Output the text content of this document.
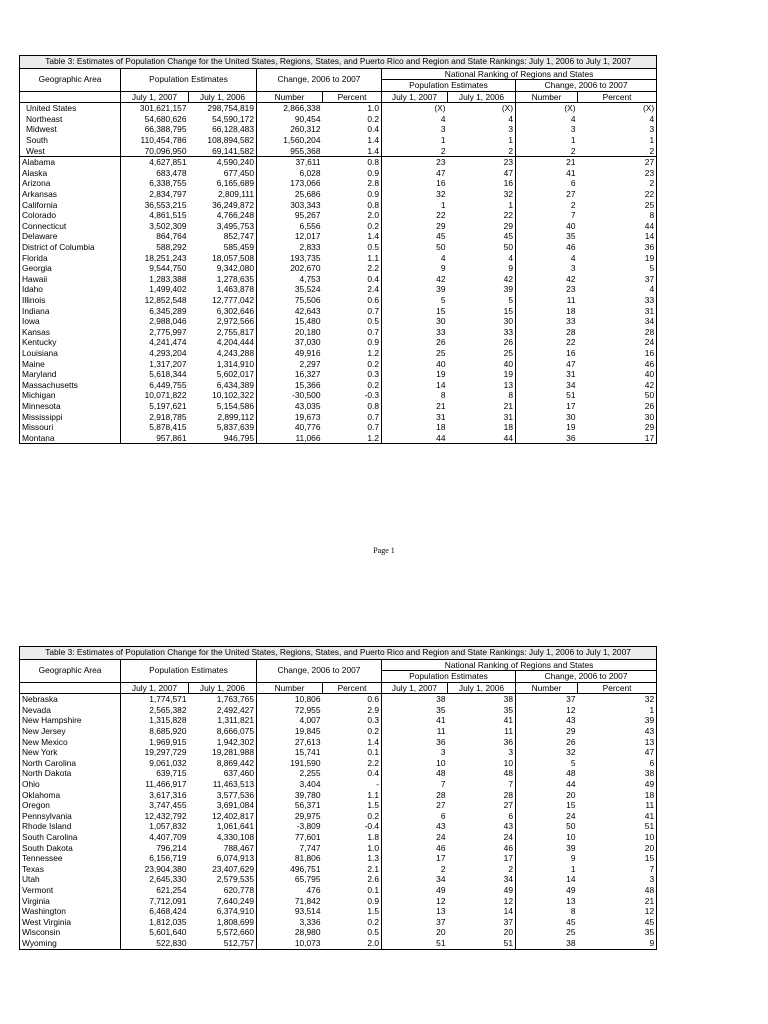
Table 3: Estimates of Population Change for the United States, Regions, States, and Puerto Rico and Region and State Rankings: July 1, 2006 to July 1, 2007								
Geographic Area	Population Estimates		Change, 2006 to 2007		National Ranking of Regions and States			
					Population Estimates		Change, 2006 to 2007	
	July 1, 2007	July 1, 2006	Number	Percent	July 1, 2007	July 1, 2006	Number	Percent
United States	301,621,157	298,754,819	2,866,338	1.0	(X)	(X)	(X)	(X)
Northeast	54,680,626	54,590,172	90,454	0.2	4	4	4	4
Midwest	66,388,795	66,128,483	260,312	0.4	3	3	3	3
South	110,454,786	108,894,582	1,560,204	1.4	1	1	1	1
West	70,096,950	69,141,582	955,368	1.4	2	2	2	2
Alabama	4,627,851	4,590,240	37,611	0.8	23	23	21	27
Alaska	683,478	677,450	6,028	0.9	47	47	41	23
Arizona	6,338,755	6,165,689	173,066	2.8	16	16	6	2
Arkansas	2,834,797	2,809,111	25,686	0.9	32	32	27	22
California	36,553,215	36,249,872	303,343	0.8	1	1	2	25
Colorado	4,861,515	4,766,248	95,267	2.0	22	22	7	8
Connecticut	3,502,309	3,495,753	6,556	0.2	29	29	40	44
Delaware	864,764	852,747	12,017	1.4	45	45	35	14
District of Columbia	588,292	585,459	2,833	0.5	50	50	46	36
Florida	18,251,243	18,057,508	193,735	1.1	4	4	4	19
Georgia	9,544,750	9,342,080	202,670	2.2	9	9	3	5
Hawaii	1,283,388	1,278,635	4,753	0.4	42	42	42	37
Idaho	1,499,402	1,463,878	35,524	2.4	39	39	23	4
Illinois	12,852,548	12,777,042	75,506	0.6	5	5	11	33
Indiana	6,345,289	6,302,646	42,643	0.7	15	15	18	31
Iowa	2,988,046	2,972,566	15,480	0.5	30	30	33	34
Kansas	2,775,997	2,755,817	20,180	0.7	33	33	28	28
Kentucky	4,241,474	4,204,444	37,030	0.9	26	26	22	24
Louisiana	4,293,204	4,243,288	49,916	1.2	25	25	16	16
Maine	1,317,207	1,314,910	2,297	0.2	40	40	47	46
Maryland	5,618,344	5,602,017	16,327	0.3	19	19	31	40
Massachusetts	6,449,755	6,434,389	15,366	0.2	14	13	34	42
Michigan	10,071,822	10,102,322	-30,500	-0.3	8	8	51	50
Minnesota	5,197,621	5,154,586	43,035	0.8	21	21	17	26
Mississippi	2,918,785	2,899,112	19,673	0.7	31	31	30	30
Missouri	5,878,415	5,837,639	40,776	0.7	18	18	19	29
Montana	957,861	946,795	11,066	1.2	44	44	36	17
Page 1
Table 3: Estimates of Population Change for the United States, Regions, States, and Puerto Rico and Region and State Rankings: July 1, 2006 to July 1, 2007								
Geographic Area	Population Estimates		Change, 2006 to 2007		National Ranking of Regions and States			
					Population Estimates		Change, 2006 to 2007	
	July 1, 2007	July 1, 2006	Number	Percent	July 1, 2007	July 1, 2006	Number	Percent
Nebraska	1,774,571	1,763,765	10,806	0.6	38	38	37	32
Nevada	2,565,382	2,492,427	72,955	2.9	35	35	12	1
New Hampshire	1,315,828	1,311,821	4,007	0.3	41	41	43	39
New Jersey	8,685,920	8,666,075	19,845	0.2	11	11	29	43
New Mexico	1,969,915	1,942,302	27,613	1.4	36	36	26	13
New York	19,297,729	19,281,988	15,741	0.1	3	3	32	47
North Carolina	9,061,032	8,869,442	191,590	2.2	10	10	5	6
North Dakota	639,715	637,460	2,255	0.4	48	48	48	38
Ohio	11,466,917	11,463,513	3,404	-	7	7	44	49
Oklahoma	3,617,316	3,577,536	39,780	1.1	28	28	20	18
Oregon	3,747,455	3,691,084	56,371	1.5	27	27	15	11
Pennsylvania	12,432,792	12,402,817	29,975	0.2	6	6	24	41
Rhode Island	1,057,832	1,061,641	-3,809	-0.4	43	43	50	51
South Carolina	4,407,709	4,330,108	77,601	1.8	24	24	10	10
South Dakota	796,214	788,467	7,747	1.0	46	46	39	20
Tennessee	6,156,719	6,074,913	81,806	1.3	17	17	9	15
Texas	23,904,380	23,407,629	496,751	2.1	2	2	1	7
Utah	2,645,330	2,579,535	65,795	2.6	34	34	14	3
Vermont	621,254	620,778	476	0.1	49	49	49	48
Virginia	7,712,091	7,640,249	71,842	0.9	12	12	13	21
Washington	6,468,424	6,374,910	93,514	1.5	13	14	8	12
West Virginia	1,812,035	1,808,699	3,336	0.2	37	37	45	45
Wisconsin	5,601,640	5,572,660	28,980	0.5	20	20	25	35
Wyoming	522,830	512,757	10,073	2.0	51	51	38	9
